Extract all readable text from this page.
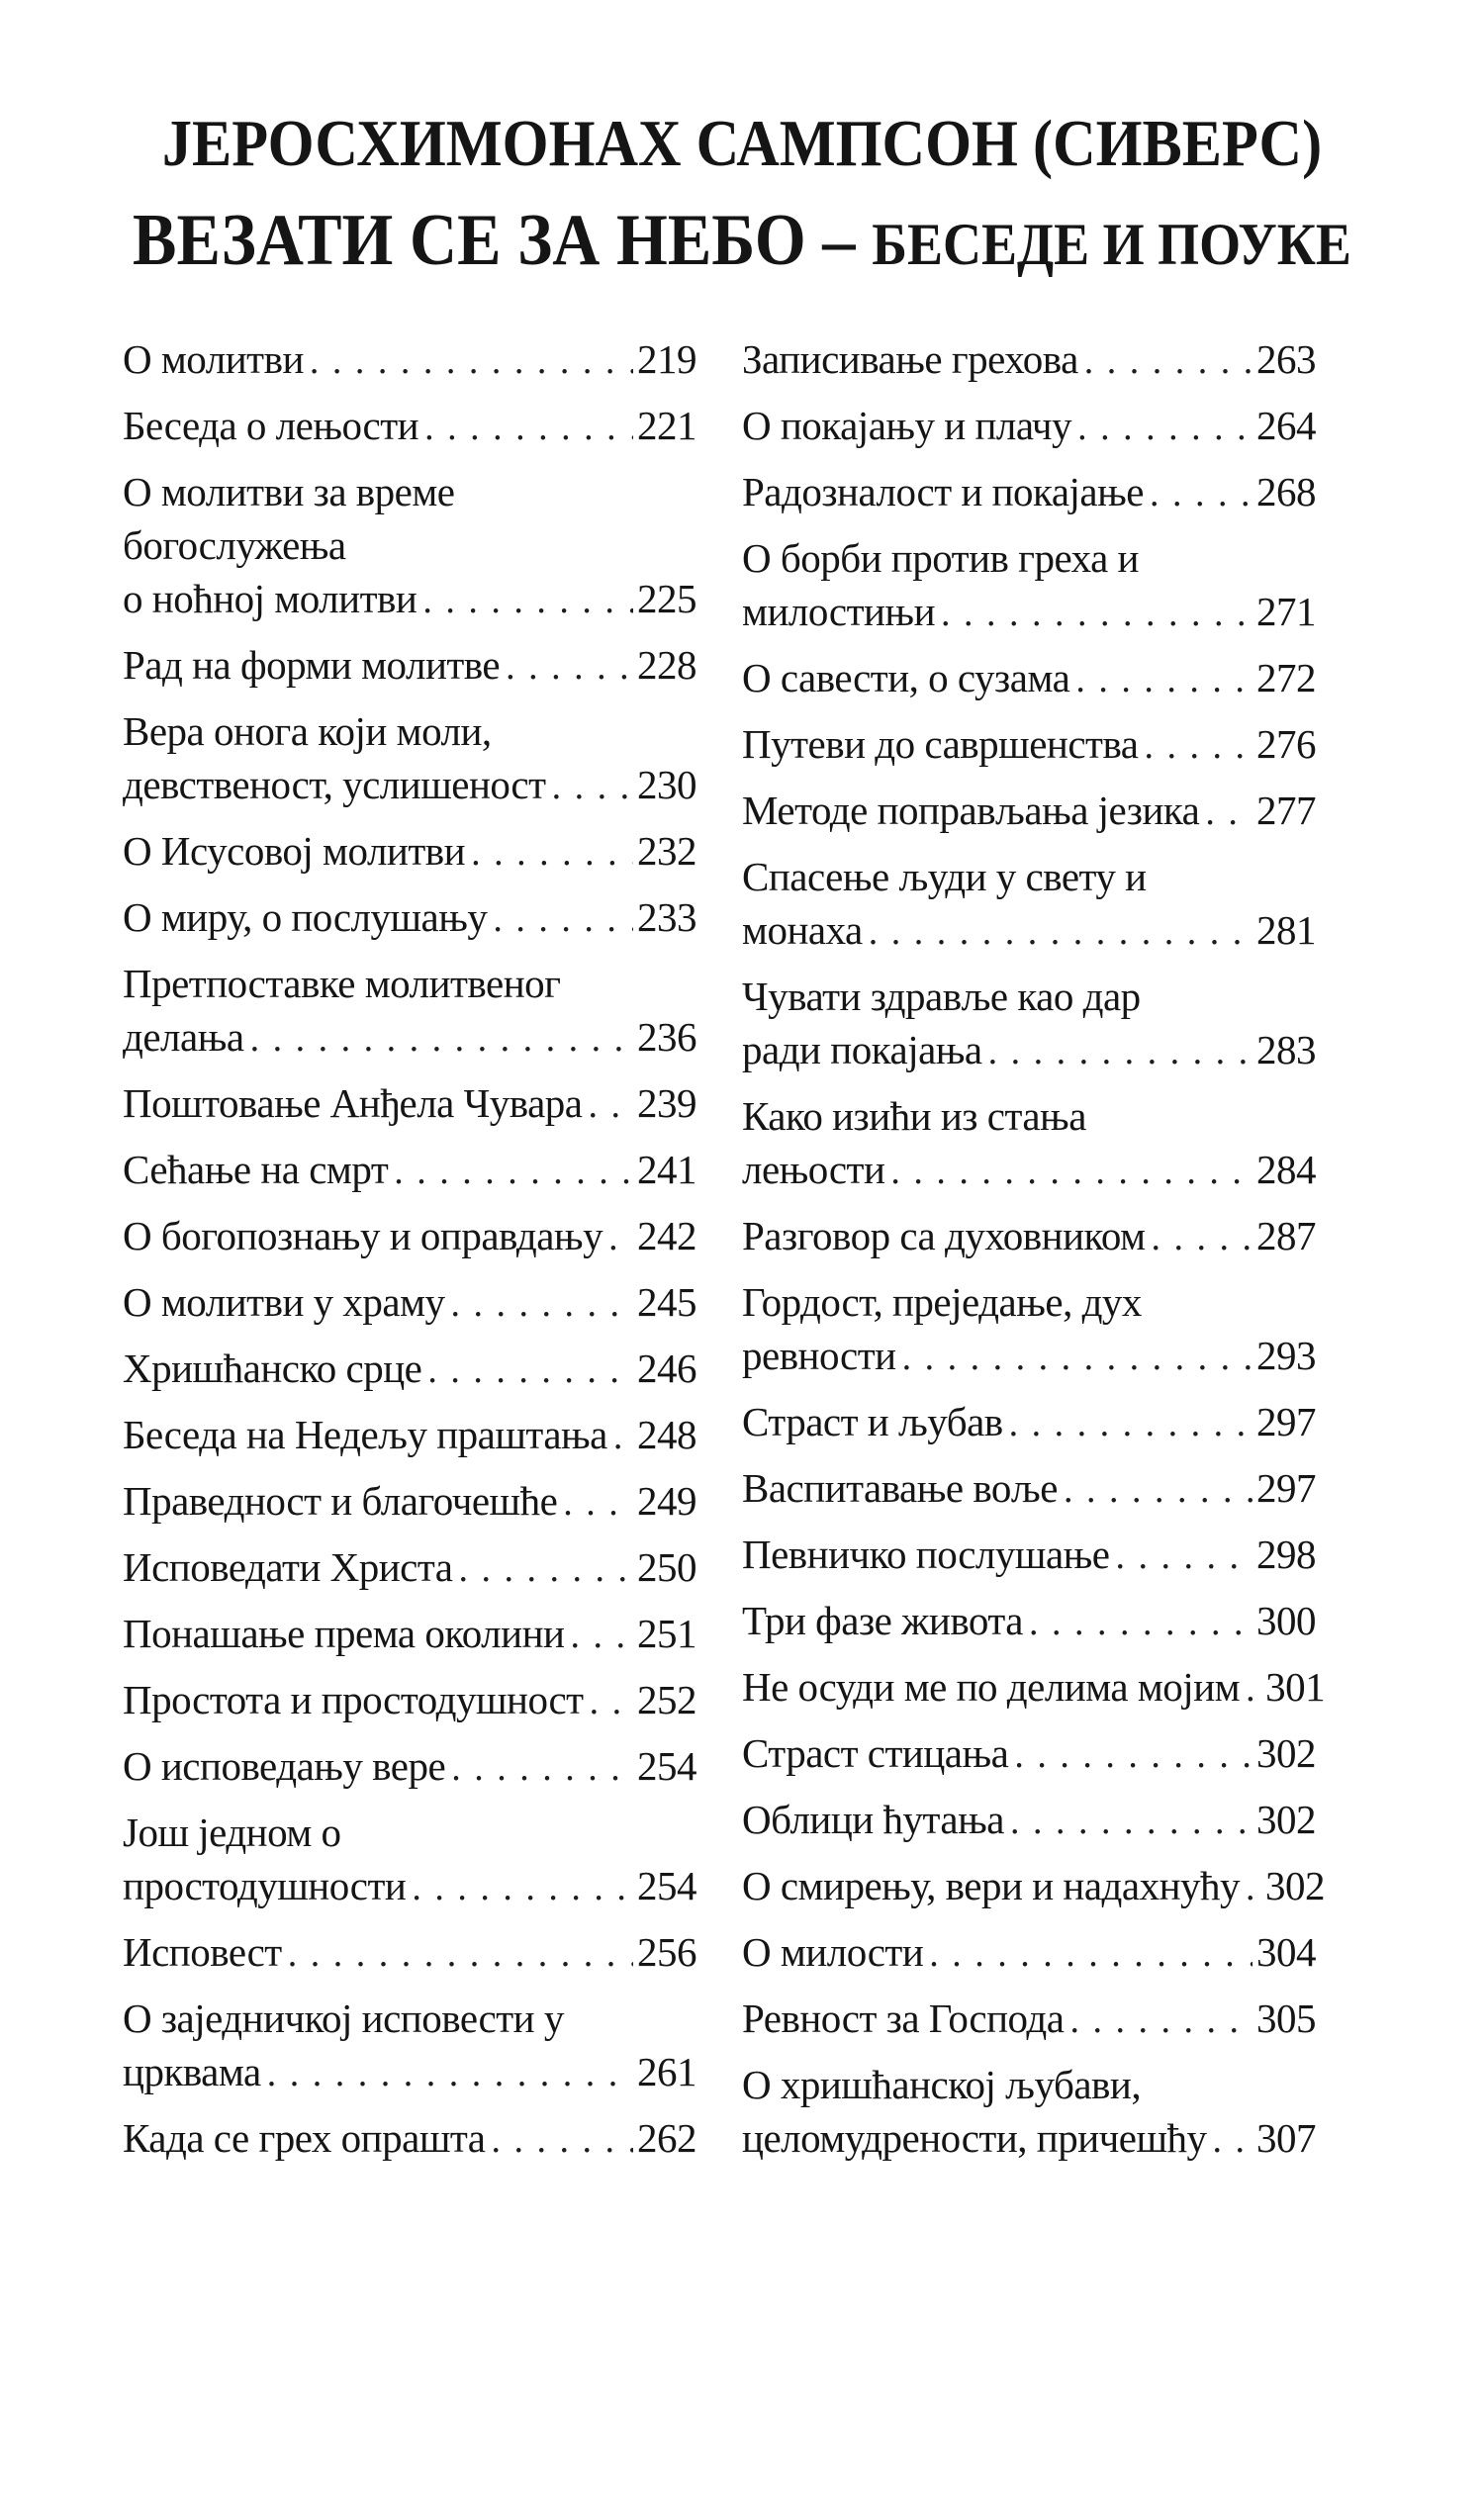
ЈЕРОСХИМОНАХ САМПСОН (СИВЕРС)
ВЕЗАТИ СЕ ЗА НЕБО – БЕСЕДЕ И ПОУКЕ
О молитви . . .	219
Беседа о лењости . . .	221
О молитви за време
богослужења
о ноћној молитви . . .	225
Рад на форми молитве . . .	228
Вера онога који моли,
девственост, услишеност . . . 230
О Исусовој молитви . . .	232
О миру, о послушању . . .	233
Претпоставке молитвеног
делања . . .	236
Поштовање Анђела Чувара . . . 239
Сећање на смрт . . .	241
О богопознању и оправдању . . . 242
О молитви у храму . . .	245
Хришћанско срце . . .	246
Беседа на Недељу праштања . . . 248
Праведност и благочешће . . . 249
Исповедати Христа . . .	250
Понашање према околини . . . 251
Простота и простодушност . . . 252
О исповедању вере . . .	254
Још једном о
простодушности . . .	254
Исповест . . .	256
О заједничкој исповести у
црквама . . .	261
Када се грех опрашта . . .	262
Записивање грехова . . .	263
О покајању и плачу . . .	264
Радозналост и покајање . . .	268
О борби против греха и
милостињи . . .	271
О савести, о сузама . . .	272
Путеви до савршенства . . .	276
Методе поправљања језика . . . 277
Спасење људи у свету и
монаха . . .	281
Чувати здравље као дар
ради покајања . . .	283
Како изићи из стања
лењости . . .	284
Разговор са духовником . . .	287
Гордост, преједање, дух
ревности . . .	293
Страст и љубав . . .	297
Васпитавање воље . . .	297
Певничко послушање . . .	298
Три фазе живота . . .	300
Не осуди ме по делима мојим . . . 301
Страст стицања . . .	302
Облици ћутања . . .	302
О смирењу, вери и надахнућу . . . 302
О милости . . .	304
Ревност за Господа . . .	305
О хришћанској љубави,
целомудрености, причешћу . . . 307
